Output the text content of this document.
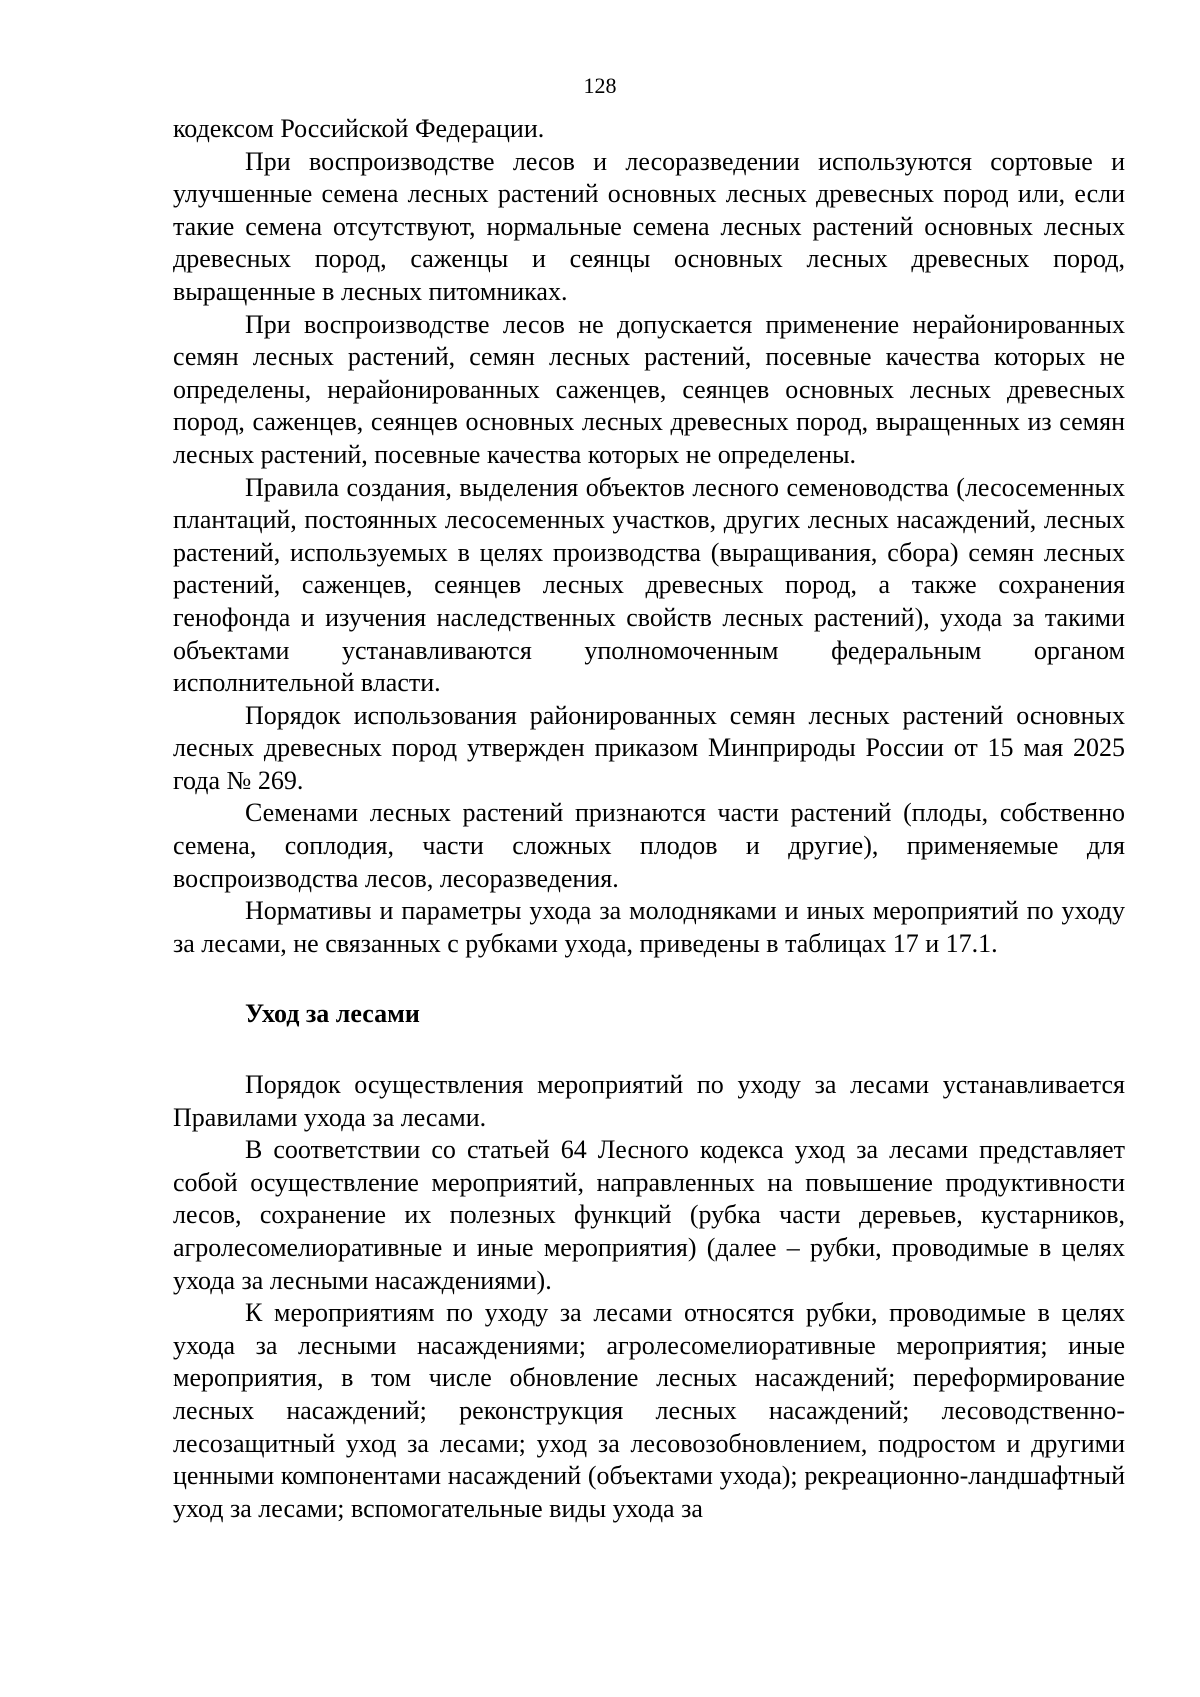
128

кодексом Российской Федерации.

При воспроизводстве лесов и лесоразведении используются сортовые и улучшенные семена лесных растений основных лесных древесных пород или, если такие семена отсутствуют, нормальные семена лесных растений основных лесных древесных пород, саженцы и сеянцы основных лесных древесных пород, выращенные в лесных питомниках.

При воспроизводстве лесов не допускается применение нерайонированных семян лесных растений, семян лесных растений, посевные качества которых не определены, нерайонированных саженцев, сеянцев основных лесных древесных пород, саженцев, сеянцев основных лесных древесных пород, выращенных из семян лесных растений, посевные качества которых не определены.

Правила создания, выделения объектов лесного семеноводства (лесосеменных плантаций, постоянных лесосеменных участков, других лесных насаждений, лесных растений, используемых в целях производства (выращивания, сбора) семян лесных растений, саженцев, сеянцев лесных древесных пород, а также сохранения генофонда и изучения наследственных свойств лесных растений), ухода за такими объектами устанавливаются уполномоченным федеральным органом исполнительной власти.

Порядок использования районированных семян лесных растений основных лесных древесных пород утвержден приказом Минприроды России от 15 мая 2025 года № 269.

Семенами лесных растений признаются части растений (плоды, собственно семена, соплодия, части сложных плодов и другие), применяемые для воспроизводства лесов, лесоразведения.

Нормативы и параметры ухода за молодняками и иных мероприятий по уходу за лесами, не связанных с рубками ухода, приведены в таблицах 17 и 17.1.

Уход за лесами

Порядок осуществления мероприятий по уходу за лесами устанавливается Правилами ухода за лесами.

В соответствии со статьей 64 Лесного кодекса уход за лесами представляет собой осуществление мероприятий, направленных на повышение продуктивности лесов, сохранение их полезных функций (рубка части деревьев, кустарников, агролесомелиоративные и иные мероприятия) (далее – рубки, проводимые в целях ухода за лесными насаждениями).

К мероприятиям по уходу за лесами относятся рубки, проводимые в целях ухода за лесными насаждениями; агролесомелиоративные мероприятия; иные мероприятия, в том числе обновление лесных насаждений; переформирование лесных насаждений; реконструкция лесных насаждений; лесоводственно-лесозащитный уход за лесами; уход за лесовозобновлением, подростом и другими ценными компонентами насаждений (объектами ухода); рекреационно-ландшафтный уход за лесами; вспомогательные виды ухода за
